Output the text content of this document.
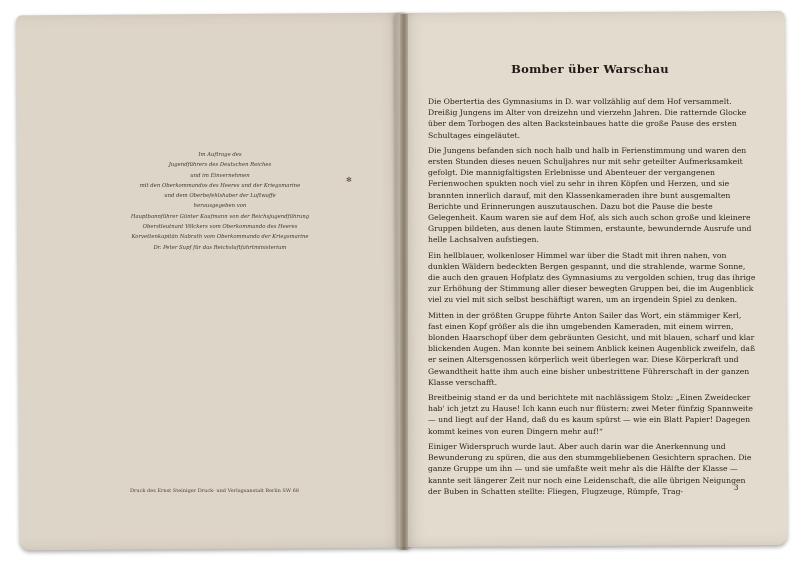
Im Auftrage des
Jugendführers des Deutschen Reiches
und im Einvernehmen
mit den Oberkommandos des Heeres und der Kriegsmarine
und dem Oberbefehlshaber der Luftwaffe
herausgegeben von
Hauptbannführer Günter Kaufmann von der Reichsjugendführung
Oberstleutnant Völckers vom Oberkommando des Heeres
Korvettenkapitän Nabrath vom Oberkommando der Kriegsmarine
Dr. Peter Supf für das Reichsluftfahrtministerium
✻
Druck des Ernst Steiniger Druck- und Verlagsanstalt Berlin SW 68
Bomber über Warschau

Die Obertertia des Gymnasiums in D. war vollzählig auf dem Hof versammelt. Dreißig Jungens im Alter von dreizehn und vierzehn Jahren. Die ratternde Glocke über dem Torbogen des alten Backsteinbaues hatte die große Pause des ersten Schultages eingeläutet.

Die Jungens befanden sich noch halb und halb in Ferienstimmung und waren den ersten Stunden dieses neuen Schuljahres nur mit sehr geteilter Aufmerksamkeit gefolgt. Die mannigfaltigsten Erlebnisse und Abenteuer der vergangenen Ferienwochen spukten noch viel zu sehr in ihren Köpfen und Herzen, und sie brannten innerlich darauf, mit den Klassenkameraden ihre bunt ausgemalten Berichte und Erinnerungen auszutauschen. Dazu bot die Pause die beste Gelegenheit. Kaum waren sie auf dem Hof, als sich auch schon große und kleinere Gruppen bildeten, aus denen laute Stimmen, erstaunte, bewundernde Ausrufe und helle Lachsalven aufstiegen.

Ein hellblauer, wolkenloser Himmel war über die Stadt mit ihren nahen, von dunklen Wäldern bedeckten Bergen gespannt, und die strahlende, warme Sonne, die auch den grauen Hofplatz des Gymnasiums zu vergolden schien, trug das ihrige zur Erhöhung der Stimmung aller dieser bewegten Gruppen bei, die im Augenblick viel zu viel mit sich selbst beschäftigt waren, um an irgendein Spiel zu denken.

Mitten in der größten Gruppe führte Anton Sailer das Wort, ein stämmiger Kerl, fast einen Kopf größer als die ihn umgebenden Kameraden, mit einem wirren, blonden Haarschopf über dem gebräunten Gesicht, und mit blauen, scharf und klar blickenden Augen. Man konnte bei seinem Anblick keinen Augenblick zweifeln, daß er seinen Altersgenossen körperlich weit überlegen war. Diese Körperkraft und Gewandtheit hatte ihm auch eine bisher unbestrittene Führerschaft in der ganzen Klasse verschafft.

Breitbeinig stand er da und berichtete mit nachlässigem Stolz: „Einen Zweidecker hab' ich jetzt zu Hause! Ich kann euch nur flüstern: zwei Meter fünfzig Spannweite — und liegt auf der Hand, daß du es kaum spürst — wie ein Blatt Papier! Dagegen kommt keines von euren Dingern mehr auf!“

Einiger Widerspruch wurde laut. Aber auch darin war die Anerkennung und Bewunderung zu spüren, die aus den stummgebliebenen Gesichtern sprachen. Die ganze Gruppe um ihn — und sie umfaßte weit mehr als die Hälfte der Klasse — kannte seit längerer Zeit nur noch eine Leidenschaft, die alle übrigen Neigungen der Buben in Schatten stellte: Fliegen, Flugzeuge, Rümpfe, Trag-	3
